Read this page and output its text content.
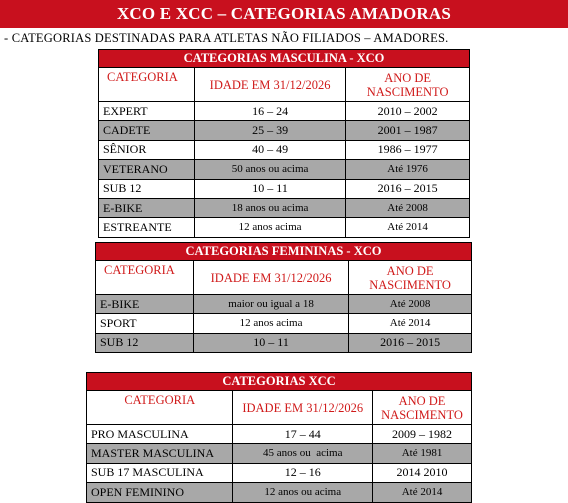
XCO E XCC – CATEGORIAS AMADORAS
- CATEGORIAS DESTINADAS PARA ATLETAS NÃO FILIADOS – AMADORES.
CATEGORIAS MASCULINA - XCO		
CATEGORIA	IDADE EM 31/12/2026	ANO DE NASCIMENTO
EXPERT	16 – 24	2010 – 2002
CADETE	25 – 39	2001 – 1987
SÊNIOR	40 – 49	1986 – 1977
VETERANO	50 anos ou acima	Até 1976
SUB 12	10 – 11	2016 – 2015
E-BIKE	18 anos ou acima	Até 2008
ESTREANTE	12 anos acima	Até 2014
CATEGORIAS FEMININAS - XCO		
CATEGORIA	IDADE EM 31/12/2026	ANO DE NASCIMENTO
E-BIKE	maior ou igual a 18	Até 2008
SPORT	12 anos acima	Até 2014
SUB 12	10 – 11	2016 – 2015
CATEGORIAS XCC		
CATEGORIA	IDADE EM 31/12/2026	ANO DE NASCIMENTO
PRO MASCULINA	17 – 44	2009 – 1982
MASTER MASCULINA	45 anos ou  acima	Até 1981
SUB 17 MASCULINA	12 – 16	2014 2010
OPEN FEMININO	12 anos ou acima	Até 2014
